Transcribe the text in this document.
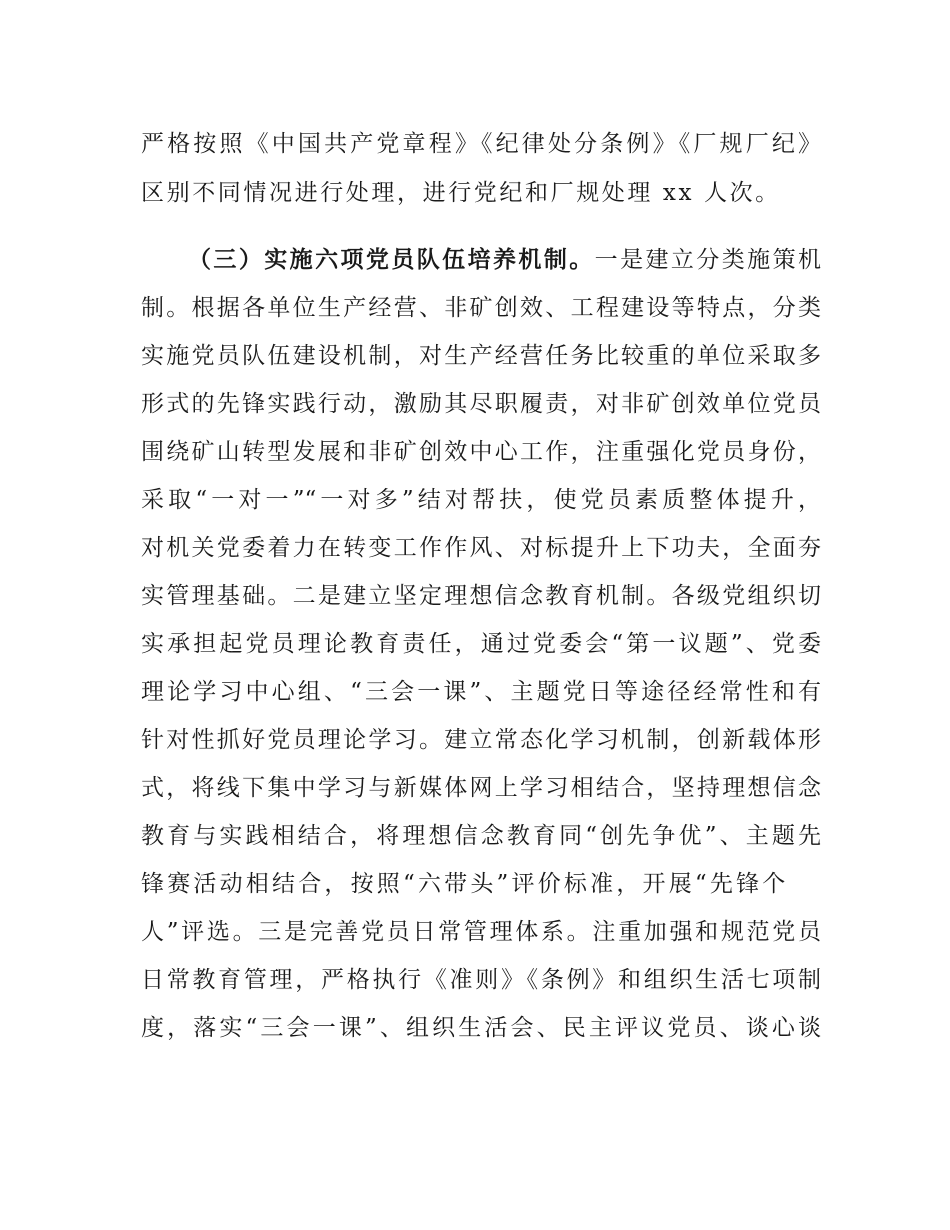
严格按照《中国共产党章程》《纪律处分条例》《厂规厂纪》
区别不同情况进行处理，进行党纪和厂规处理 xx 人次。
（三）实施六项党员队伍培养机制。一是建立分类施策机
制。根据各单位生产经营、非矿创效、工程建设等特点，分类
实施党员队伍建设机制，对生产经营任务比较重的单位采取多
形式的先锋实践行动，激励其尽职履责，对非矿创效单位党员
围绕矿山转型发展和非矿创效中心工作，注重强化党员身份，
采取“一对一”“一对多”结对帮扶，使党员素质整体提升，
对机关党委着力在转变工作作风、对标提升上下功夫，全面夯
实管理基础。二是建立坚定理想信念教育机制。各级党组织切
实承担起党员理论教育责任，通过党委会“第一议题”、党委
理论学习中心组、“三会一课”、主题党日等途径经常性和有
针对性抓好党员理论学习。建立常态化学习机制，创新载体形
式，将线下集中学习与新媒体网上学习相结合，坚持理想信念
教育与实践相结合，将理想信念教育同“创先争优”、主题先
锋赛活动相结合，按照“六带头”评价标准，开展“先锋个
人”评选。三是完善党员日常管理体系。注重加强和规范党员
日常教育管理，严格执行《准则》《条例》和组织生活七项制
度，落实“三会一课”、组织生活会、民主评议党员、谈心谈
